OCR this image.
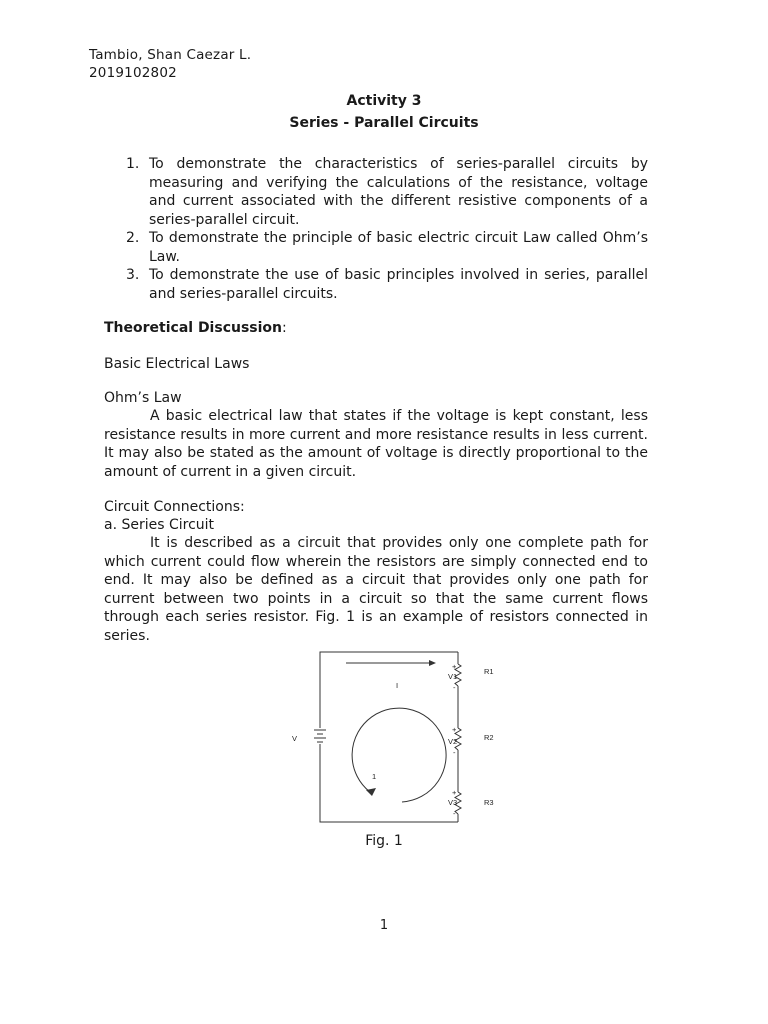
Tambio, Shan Caezar L.
2019102802
Activity 3
Series - Parallel Circuits
1. To demonstrate the characteristics of series-parallel circuits by measuring and verifying the calculations of the resistance, voltage and current associated with the different resistive components of a series-parallel circuit.
2. To demonstrate the principle of basic electric circuit Law called Ohm’s Law.
3. To demonstrate the use of basic principles involved in series, parallel and series-parallel circuits.
Theoretical Discussion:
Basic Electrical Laws
Ohm’s Law
A basic electrical law that states if the voltage is kept constant, less resistance results in more current and more resistance results in less current. It may also be stated as the amount of voltage is directly proportional to the amount of current in a given circuit.
Circuit Connections:
a. Series Circuit
It is described as a circuit that provides only one complete path for which current could flow wherein the resistors are simply connected end to end. It may also be defined as a circuit that provides only one path for current between two points in a circuit so that the same current flows through each series resistor. Fig. 1 is an example of resistors connected in series.
V
I
1
R1
R2
R3
+
V1
-
+
V2
-
+
V3
-
Fig. 1
1
